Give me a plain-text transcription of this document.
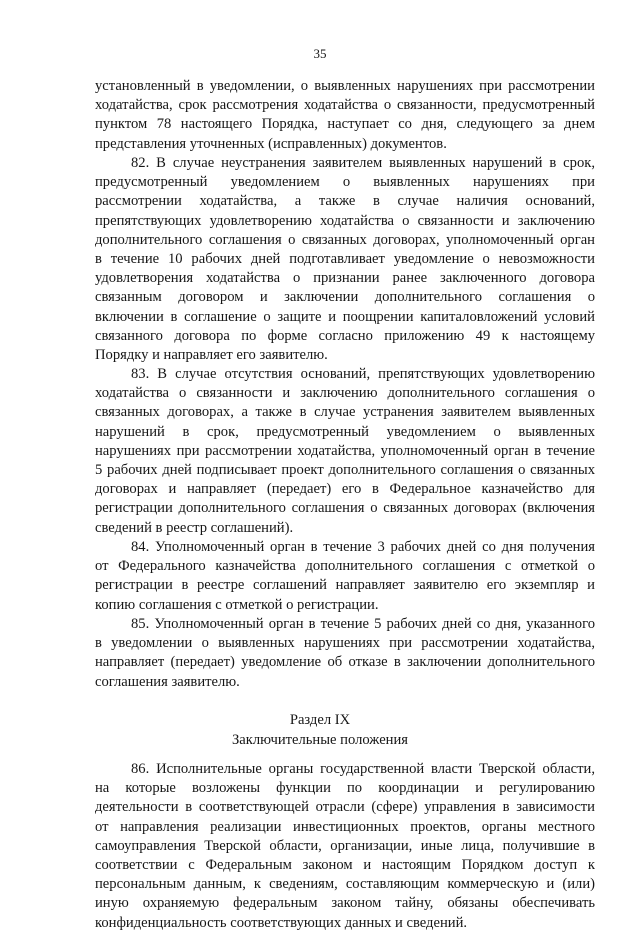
35
установленный в уведомлении, о выявленных нарушениях при рассмотрении
ходатайства, срок рассмотрения ходатайства о связанности, предусмотренный
пунктом 78 настоящего Порядка, наступает со дня, следующего за днем
представления уточненных (исправленных) документов.
82. В случае неустранения заявителем выявленных нарушений в срок,
предусмотренный уведомлением о выявленных нарушениях при
рассмотрении ходатайства, а также в случае наличия оснований,
препятствующих удовлетворению ходатайства о связанности и заключению
дополнительного соглашения о связанных договорах, уполномоченный орган
в течение 10 рабочих дней подготавливает уведомление о невозможности
удовлетворения ходатайства о признании ранее заключенного договора
связанным договором и заключении дополнительного соглашения о
включении в соглашение о защите и поощрении капиталовложений условий
связанного договора по форме согласно приложению 49 к настоящему
Порядку и направляет его заявителю.
83. В случае отсутствия оснований, препятствующих удовлетворению
ходатайства о связанности и заключению дополнительного соглашения о
связанных договорах, а также в случае устранения заявителем выявленных
нарушений в срок, предусмотренный уведомлением о выявленных
нарушениях при рассмотрении ходатайства, уполномоченный орган в течение
5 рабочих дней подписывает проект дополнительного соглашения о связанных
договорах и направляет (передает) его в Федеральное казначейство для
регистрации дополнительного соглашения о связанных договорах (включения
сведений в реестр соглашений).
84. Уполномоченный орган в течение 3 рабочих дней со дня получения
от Федерального казначейства дополнительного соглашения с отметкой о
регистрации в реестре соглашений направляет заявителю его экземпляр и
копию соглашения с отметкой о регистрации.
85. Уполномоченный орган в течение 5 рабочих дней со дня, указанного
в уведомлении о выявленных нарушениях при рассмотрении ходатайства,
направляет (передает) уведомление об отказе в заключении дополнительного
соглашения заявителю.
Раздел IX
Заключительные положения
86. Исполнительные органы государственной власти Тверской области,
на которые возложены функции по координации и регулированию
деятельности в соответствующей отрасли (сфере) управления в зависимости
от направления реализации инвестиционных проектов, органы местного
самоуправления Тверской области, организации, иные лица, получившие в
соответствии с Федеральным законом и настоящим Порядком доступ к
персональным данным, к сведениям, составляющим коммерческую и (или)
иную охраняемую федеральным законом тайну, обязаны обеспечивать
конфиденциальность соответствующих данных и сведений.
